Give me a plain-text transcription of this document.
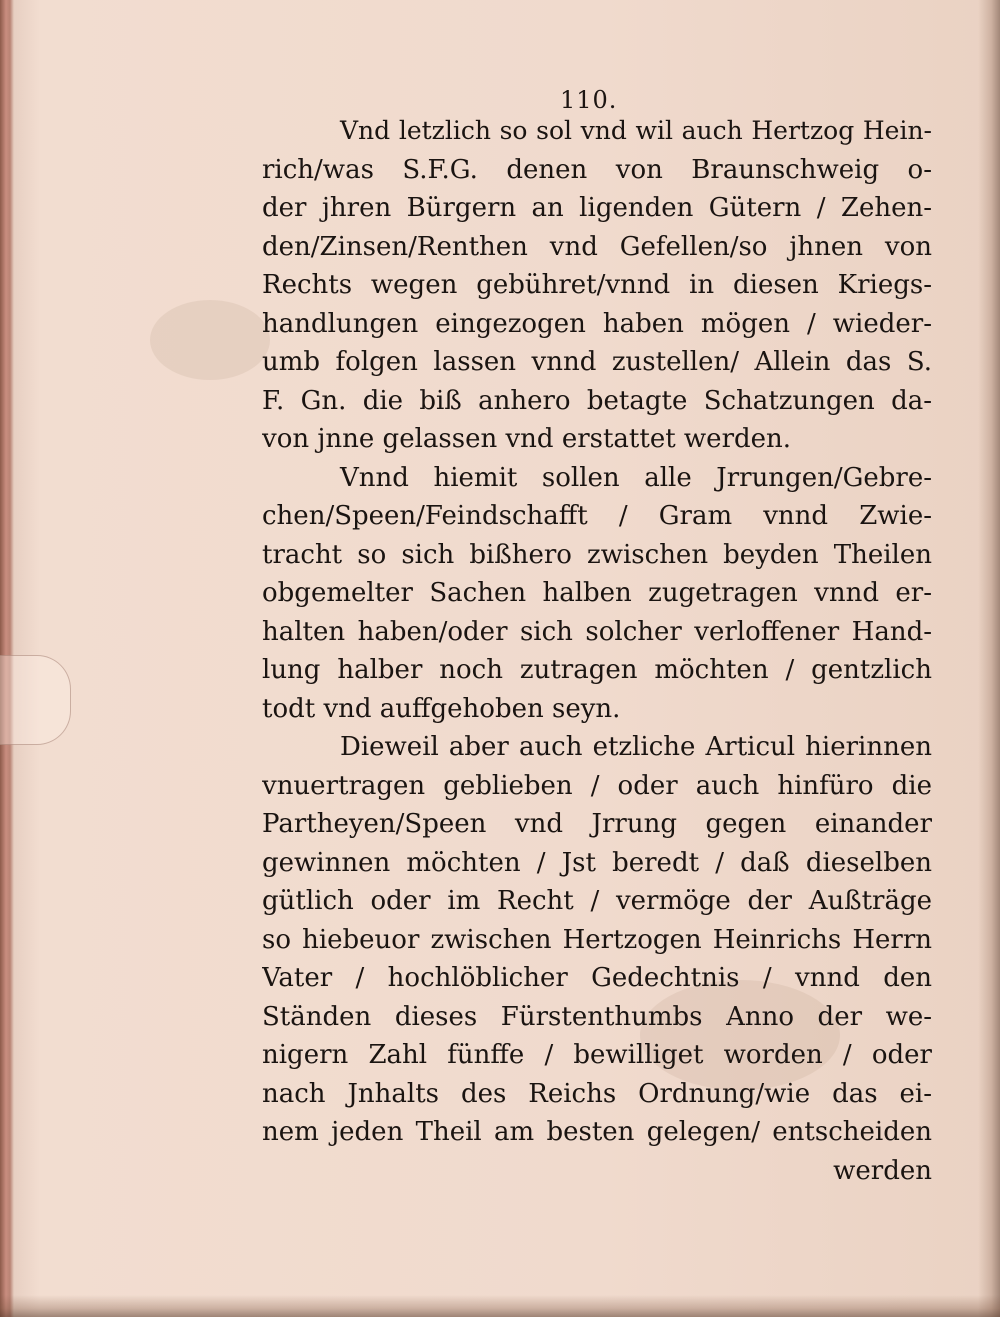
110.
Vnd letzlich so sol vnd wil auch Hertzog Hein-
rich/was S.F.G. denen von Braunschweig o-
der jhren Bürgern an ligenden Gütern / Zehen-
den/Zinsen/Renthen vnd Gefellen/so jhnen von
Rechts wegen gebühret/vnnd in diesen Kriegs-
handlungen eingezogen haben mögen / wieder-
umb folgen lassen vnnd zustellen/ Allein das S.
F. Gn. die biß anhero betagte Schatzungen da-
von jnne gelassen vnd erstattet werden.
Vnnd hiemit sollen alle Jrrungen/Gebre-
chen/Speen/Feindschafft / Gram vnnd Zwie-
tracht so sich bißhero zwischen beyden Theilen
obgemelter Sachen halben zugetragen vnnd er-
halten haben/oder sich solcher verloffener Hand-
lung halber noch zutragen möchten / gentzlich
todt vnd auffgehoben seyn.
Dieweil aber auch etzliche Articul hierinnen
vnuertragen geblieben / oder auch hinfüro die
Partheyen/Speen vnd Jrrung gegen einander
gewinnen möchten / Jst beredt / daß dieselben
gütlich oder im Recht / vermöge der Außträge
so hiebeuor zwischen Hertzogen Heinrichs Herrn
Vater / hochlöblicher Gedechtnis / vnnd den
Ständen dieses Fürstenthumbs Anno der we-
nigern Zahl fünffe / bewilliget worden / oder
nach Jnhalts des Reichs Ordnung/wie das ei-
nem jeden Theil am besten gelegen/ entscheiden
werden
